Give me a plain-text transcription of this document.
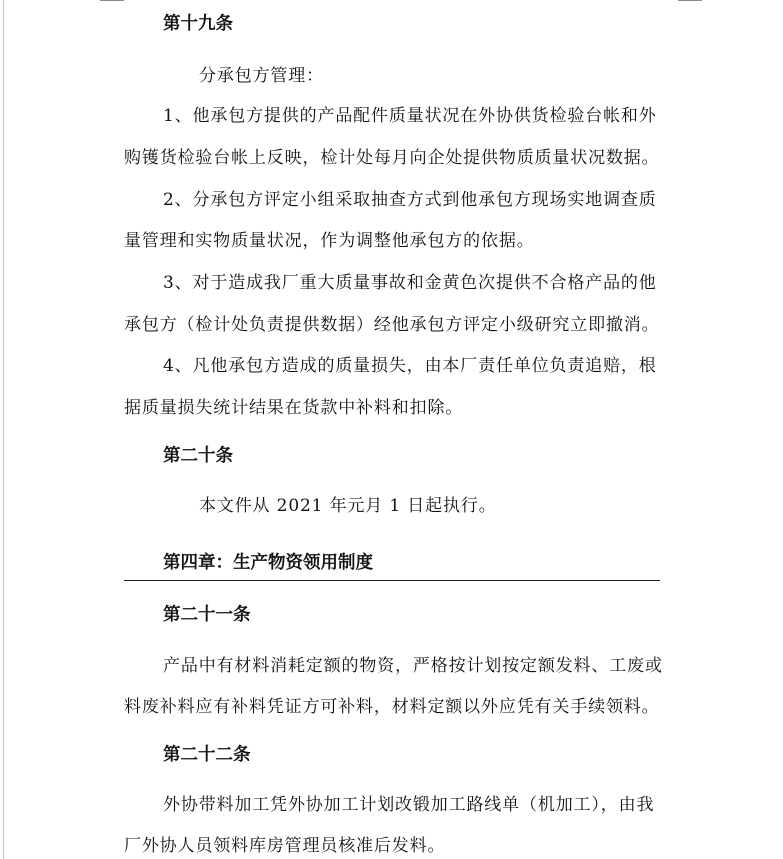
第十九条
分承包方管理：
1、他承包方提供的产品配件质量状况在外协供货检验台帐和外
购镬货检验台帐上反映，检计处每月向企处提供物质质量状况数据。
2、分承包方评定小组采取抽查方式到他承包方现场实地调查质
量管理和实物质量状况，作为调整他承包方的依据。
3、对于造成我厂重大质量事故和金黄色次提供不合格产品的他
承包方（检计处负责提供数据）经他承包方评定小级研究立即撤消。
4、凡他承包方造成的质量损失，由本厂责任单位负责追赔，根
据质量损失统计结果在货款中补料和扣除。
第二十条
本文件从 2021 年元月 1 日起执行。
第四章：生产物资领用制度
第二十一条
产品中有材料消耗定额的物资，严格按计划按定额发料、工废或
料废补料应有补料凭证方可补料，材料定额以外应凭有关手续领料。
第二十二条
外协带料加工凭外协加工计划改锻加工路线单（机加工），由我
厂外协人员领料库房管理员核准后发料。
